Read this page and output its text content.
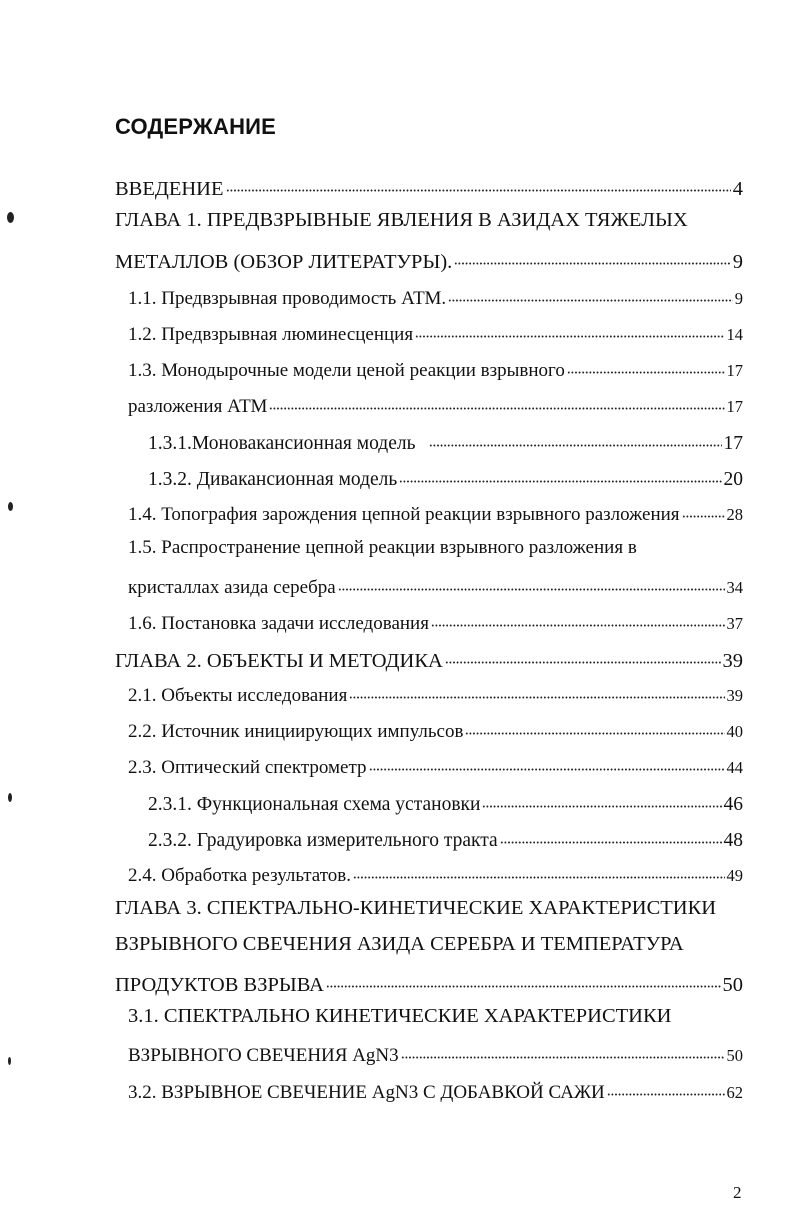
СОДЕРЖАНИЕ
ВВЕДЕНИЕ	4
ГЛАВА 1. ПРЕДВЗРЫВНЫЕ ЯВЛЕНИЯ В АЗИДАХ ТЯЖЕЛЫХ
МЕТАЛЛОВ (ОБЗОР ЛИТЕРАТУРЫ).	9
1.1. Предвзрывная проводимость АТМ.	9
1.2. Предвзрывная люминесценция	14
1.3. Монодырочные модели ценой реакции взрывного	17
разложения АТМ	17
1.3.1.Моновакансионная модель	17
1.3.2. Дивакансионная модель	20
1.4. Топография зарождения цепной реакции взрывного разложения	28
1.5. Распространение цепной реакции взрывного разложения в
кристаллах азида серебра	34
1.6. Постановка задачи исследования	37
ГЛАВА 2. ОБЪЕКТЫ И МЕТОДИКА	39
2.1. Объекты исследования	39
2.2. Источник инициирующих импульсов	40
2.3. Оптический спектрометр	44
2.3.1. Функциональная схема установки	46
2.3.2. Градуировка измерительного тракта	48
2.4. Обработка результатов.	49
ГЛАВА 3. СПЕКТРАЛЬНО-КИНЕТИЧЕСКИЕ ХАРАКТЕРИСТИКИ
ВЗРЫВНОГО СВЕЧЕНИЯ АЗИДА СЕРЕБРА И ТЕМПЕРАТУРА
ПРОДУКТОВ ВЗРЫВА	50
3.1. СПЕКТРАЛЬНО КИНЕТИЧЕСКИЕ ХАРАКТЕРИСТИКИ
ВЗРЫВНОГО СВЕЧЕНИЯ AgN3	50
3.2. ВЗРЫВНОЕ СВЕЧЕНИЕ AgN3 С ДОБАВКОЙ САЖИ	62
2
